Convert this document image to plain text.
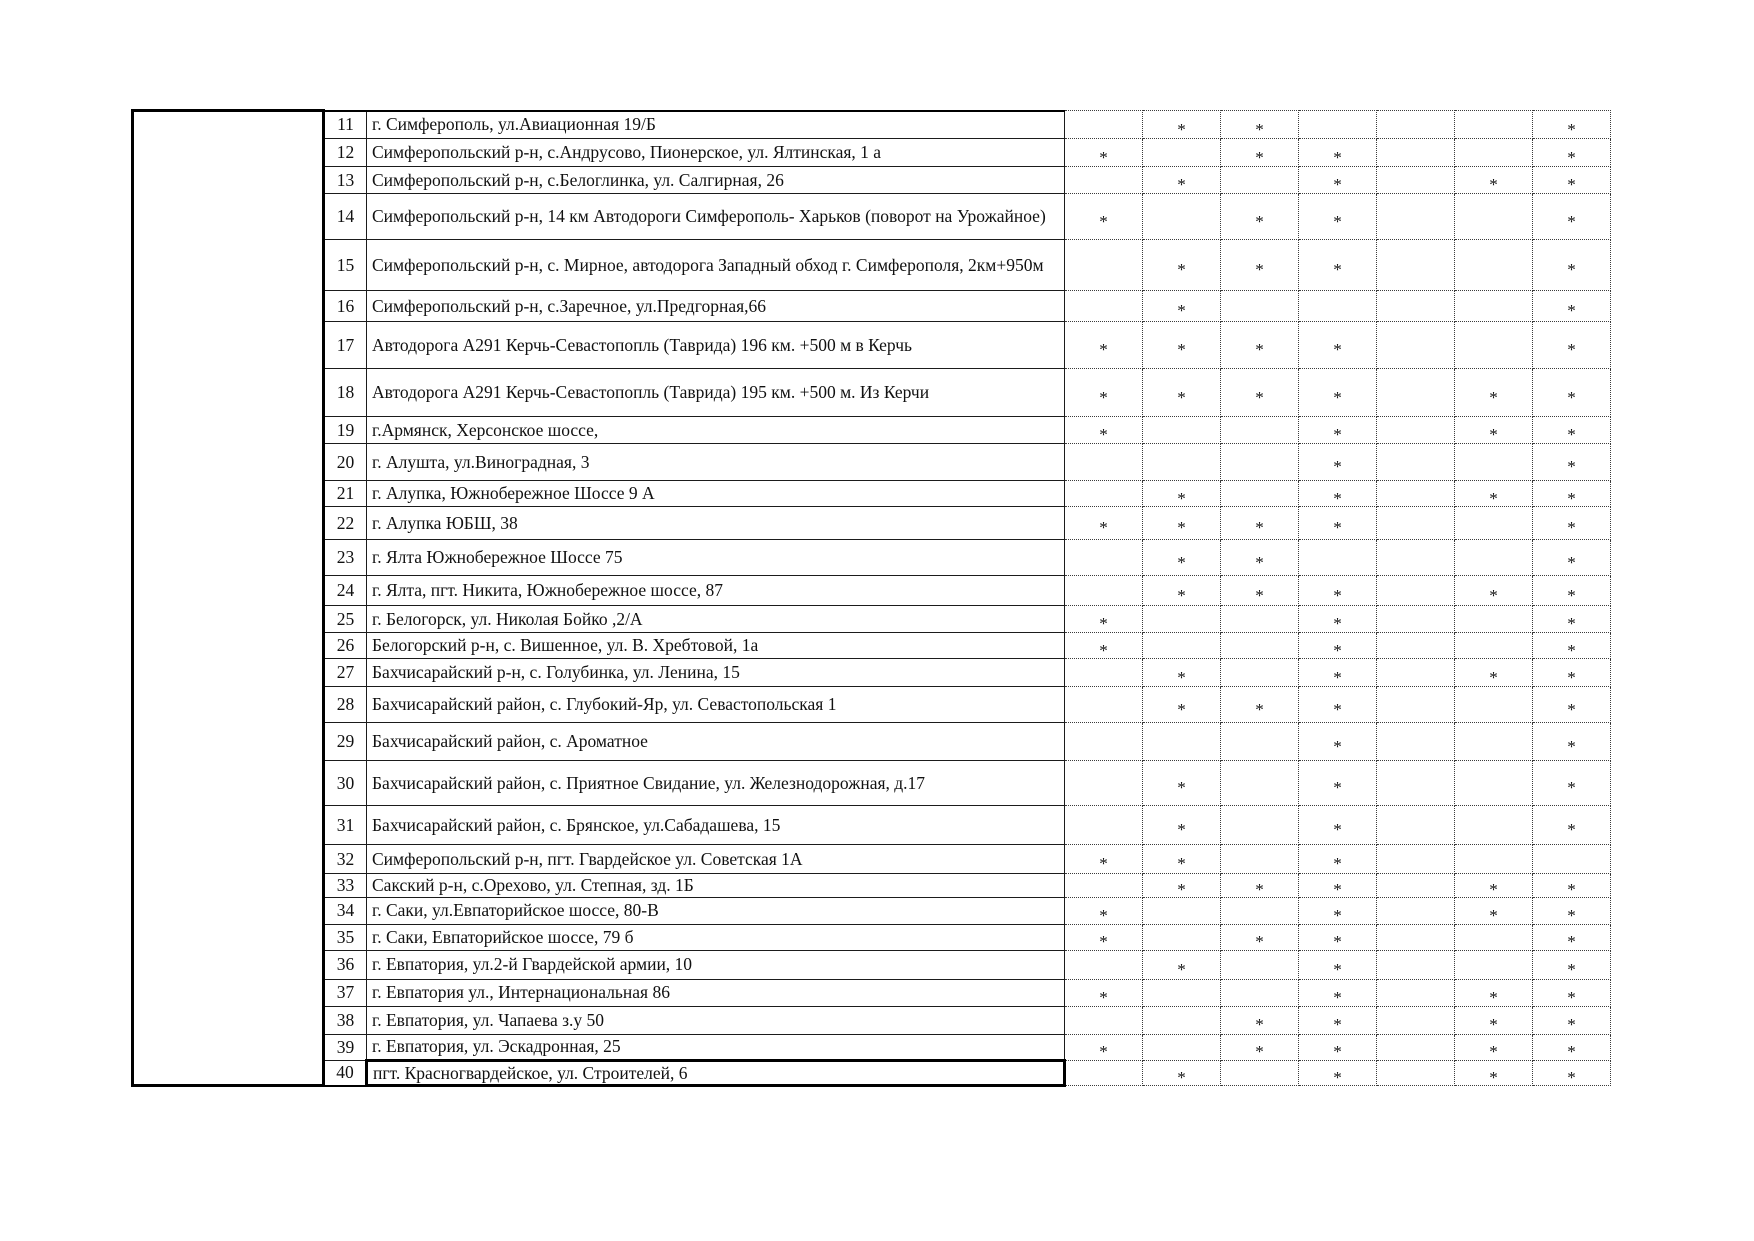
	11	г. Симферополь, ул.Авиационная 19/Б		*	*				*
	12	Симферопольский р-н, с.Андрусово, Пионерское, ул. Ялтинская, 1 а	*		*	*			*
	13	Симферопольский р-н, с.Белоглинка, ул. Салгирная, 26		*		*		*	*
	14	Симферопольский р-н, 14 км Автодороги Симферополь- Харьков (поворот на Урожайное)	*		*	*			*
	15	Симферопольский р-н, с. Мирное, автодорога Западный обход г. Симферополя, 2км+950м		*	*	*			*
	16	Симферопольский р-н, с.Заречное, ул.Предгорная,66		*					*
	17	Автодорога А291 Керчь-Севастопопль (Таврида) 196 км. +500 м в Керчь	*	*	*	*			*
	18	Автодорога А291 Керчь-Севастопопль (Таврида) 195 км. +500 м. Из Керчи	*	*	*	*		*	*
	19	г.Армянск, Херсонское шоссе,	*			*		*	*
	20	г. Алушта, ул.Виноградная, 3				*			*
	21	г. Алупка, Южнобережное Шоссе 9 А		*		*		*	*
	22	г. Алупка ЮБШ, 38	*	*	*	*			*
	23	г. Ялта Южнобережное Шоссе 75		*	*				*
	24	г. Ялта, пгт. Никита, Южнобережное шоссе, 87		*	*	*		*	*
	25	г. Белогорск, ул. Николая Бойко ,2/А	*			*			*
	26	Белогорский р-н, с. Вишенное, ул. В. Хребтовой, 1а	*			*			*
	27	Бахчисарайский р-н, с. Голубинка, ул. Ленина, 15		*		*		*	*
	28	Бахчисарайский район, с. Глубокий-Яр, ул. Севастопольская 1		*	*	*			*
	29	Бахчисарайский район, с. Ароматное				*			*
	30	Бахчисарайский район, с. Приятное Свидание, ул. Железнодорожная, д.17		*		*			*
	31	Бахчисарайский район, с. Брянское, ул.Сабадашева, 15		*		*			*
	32	Симферопольский р-н, пгт. Гвардейское ул. Советская 1А	*	*		*			
	33	Сакский р-н, с.Орехово, ул. Степная, зд. 1Б		*	*	*		*	*
	34	г. Саки, ул.Евпаторийское шоссе, 80-В	*			*		*	*
	35	г. Саки, Евпаторийское шоссе, 79 б	*		*	*			*
	36	г. Евпатория, ул.2-й Гвардейской армии, 10		*		*			*
	37	г. Евпатория ул., Интернациональная 86	*			*		*	*
	38	г. Евпатория, ул. Чапаева з.у 50			*	*		*	*
	39	г. Евпатория, ул. Эскадронная, 25	*		*	*		*	*
	40	пгт. Красногвардейское, ул. Строителей, 6		*		*		*	*
